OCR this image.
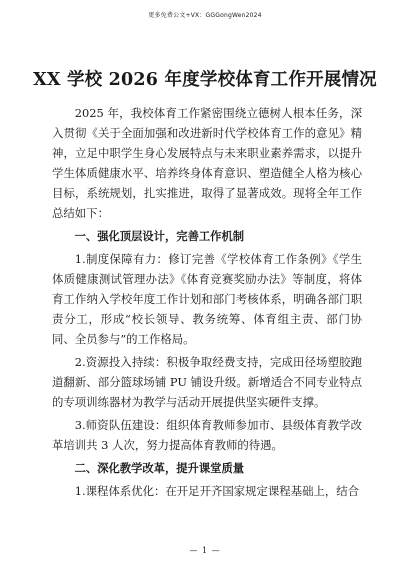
更多免费公文+VX：GGGongWen2024
XX 学校 2026 年度学校体育工作开展情况

2025 年，我校体育工作紧密围绕立德树人根本任务，深入贯彻《关于全面加强和改进新时代学校体育工作的意见》精神，立足中职学生身心发展特点与未来职业素养需求，以提升学生体质健康水平、培养终身体育意识、塑造健全人格为核心目标，系统规划，扎实推进，取得了显著成效。现将全年工作总结如下：

一、强化顶层设计，完善工作机制

1.制度保障有力：修订完善《学校体育工作条例》《学生体质健康测试管理办法》《体育竞赛奖励办法》等制度，将体育工作纳入学校年度工作计划和部门考核体系，明确各部门职责分工，形成“校长领导、教务统筹、体育组主责、部门协同、全员参与”的工作格局。

2.资源投入持续：积极争取经费支持，完成田径场塑胶跑道翻新、部分篮球场铺 PU 铺设升级。新增适合不同专业特点的专项训练器材为教学与活动开展提供坚实硬件支撑。

3.师资队伍建设：组织体育教师参加市、县级体育教学改革培训共 3 人次，努力提高体育教师的待遇。

二、深化教学改革，提升课堂质量

1.课程体系优化：在开足开齐国家规定课程基础上，结合

— 1 —
